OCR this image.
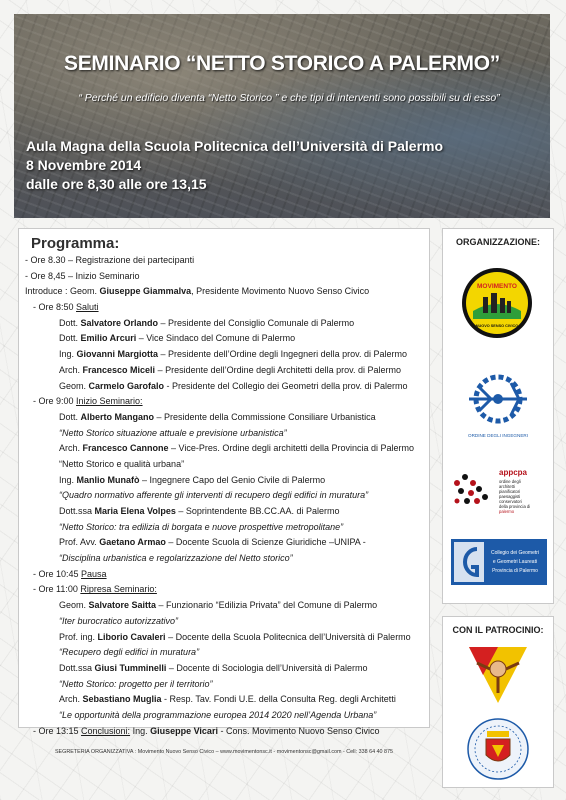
SEMINARIO “NETTO STORICO A PALERMO”
“ Perché un edificio diventa “Netto Storico ” e che tipi di interventi sono possibili su di esso”
Aula Magna della Scuola Politecnica dell’Università di Palermo
8 Novembre 2014
dalle ore 8,30 alle ore 13,15
Programma:
- Ore 8.30 – Registrazione dei partecipanti
- Ore 8,45 – Inizio Seminario
Introduce : Geom. Giuseppe Giammalva, Presidente Movimento Nuovo Senso Civico
- Ore 8:50 Saluti
Dott. Salvatore Orlando – Presidente del Consiglio Comunale di Palermo
Dott. Emilio Arcuri – Vice Sindaco del Comune di Palermo
Ing. Giovanni Margiotta – Presidente dell’Ordine degli Ingegneri della prov. di Palermo
Arch. Francesco Miceli – Presidente dell’Ordine degli Architetti della prov. di Palermo
Geom. Carmelo Garofalo - Presidente del Collegio dei Geometri della prov. di Palermo
- Ore 9:00 Inizio Seminario:
Dott. Alberto Mangano – Presidente della Commissione Consiliare Urbanistica
“Netto Storico situazione attuale e previsione urbanistica”
Arch. Francesco Cannone – Vice-Pres. Ordine degli architetti della Provincia di Palermo
“Netto Storico e qualità urbana”
Ing. Manlio Munafò – Ingegnere Capo del Genio Civile di Palermo
“Quadro normativo afferente gli interventi di recupero degli edifici in muratura”
Dott.ssa Maria Elena Volpes – Soprintendente BB.CC.AA. di Palermo
“Netto Storico: tra edilizia di borgata e nuove prospettive metropolitane”
Prof. Avv. Gaetano Armao – Docente Scuola di Scienze Giuridiche –UNIPA -
“Disciplina urbanistica e regolarizzazione del Netto storico”
- Ore 10:45 Pausa
- Ore 11:00 Ripresa Seminario:
Geom. Salvatore Saitta – Funzionario “Edilizia Privata” del Comune di Palermo
“Iter burocratico autorizzativo”
Prof. ing. Liborio Cavaleri – Docente della Scuola Politecnica dell’Università di Palermo
“Recupero degli edifici in muratura”
Dott.ssa Giusi Tumminelli – Docente di Sociologia dell’Università di Palermo
“Netto Storico: progetto per il territorio”
Arch. Sebastiano Muglia - Resp. Tav. Fondi U.E. della Consulta Reg. degli Architetti
“Le opportunità della programmazione europea 2014 2020 nell’Agenda Urbana”
- Ore 13:15 Conclusioni: Ing. Giuseppe Vicari - Cons. Movimento Nuovo Senso Civico
ORGANIZZAZIONE:
MOVIMENTO
NUOVO SENSO CIVICO
ORDINE DEGLI INGEGNERI
appcpa
ordine degli
architetti
pianificatori
paesaggisti
conservatori
della provincia di
palermo
Collegio dei Geometri
e Geometri Laureati
Provincia di Palermo
CON IL PATROCINIO:
SEGRETERIA ORGANIZZATIVA : Movimento Nuovo Senso Civico – www.movimentonsc.it - movimentonsc@gmail.com - Cell: 338 64 40 875
